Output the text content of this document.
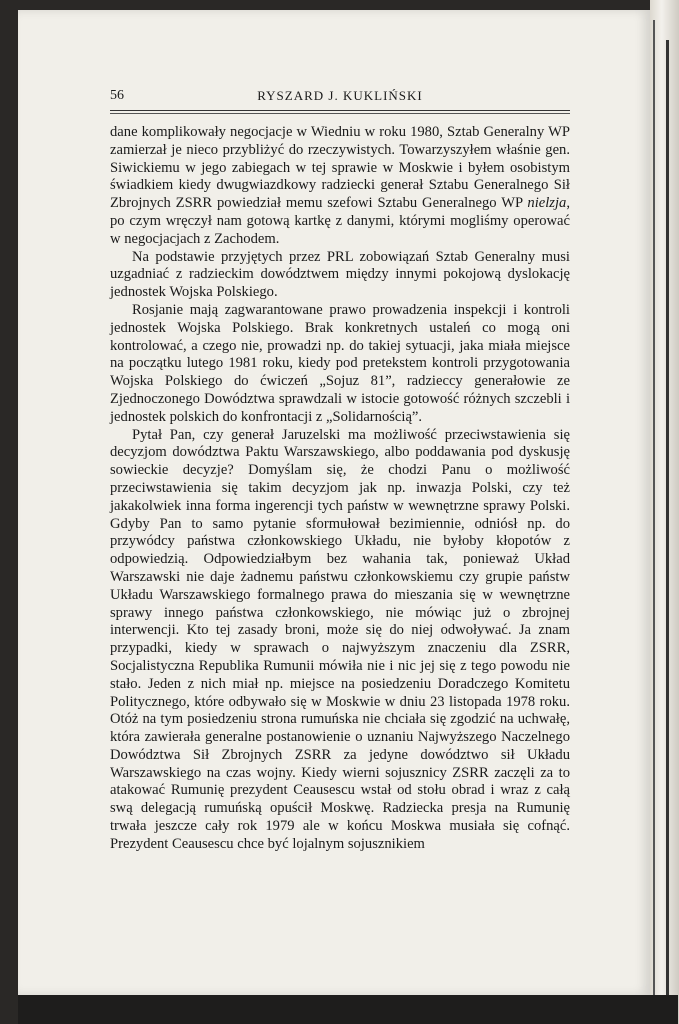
56	RYSZARD J. KUKLIŃSKI

dane komplikowały negocjacje w Wiedniu w roku 1980, Sztab Generalny WP zamierzał je nieco przybliżyć do rzeczywistych. Towarzyszyłem właśnie gen. Siwickiemu w jego zabiegach w tej sprawie w Moskwie i byłem osobistym świadkiem kiedy dwugwiazdkowy radziecki generał Sztabu Generalnego Sił Zbrojnych ZSRR powiedział memu szefowi Sztabu Generalnego WP nielzja, po czym wręczył nam gotową kartkę z danymi, którymi mogliśmy operować w negocjacjach z Zachodem.

Na podstawie przyjętych przez PRL zobowiązań Sztab Generalny musi uzgadniać z radzieckim dowództwem między innymi pokojową dyslokację jednostek Wojska Polskiego.

Rosjanie mają zagwarantowane prawo prowadzenia inspekcji i kontroli jednostek Wojska Polskiego. Brak konkretnych ustaleń co mogą oni kontrolować, a czego nie, prowadzi np. do takiej sytuacji, jaka miała miejsce na początku lutego 1981 roku, kiedy pod pretekstem kontroli przygotowania Wojska Polskiego do ćwiczeń „Sojuz 81”, radzieccy generałowie ze Zjednoczonego Dowództwa sprawdzali w istocie gotowość różnych szczebli i jednostek polskich do konfrontacji z „Solidarnością”.

Pytał Pan, czy generał Jaruzelski ma możliwość przeciwstawienia się decyzjom dowództwa Paktu Warszawskiego, albo poddawania pod dyskusję sowieckie decyzje? Domyślam się, że chodzi Panu o możliwość przeciwstawienia się takim decyzjom jak np. inwazja Polski, czy też jakakolwiek inna forma ingerencji tych państw w wewnętrzne sprawy Polski. Gdyby Pan to samo pytanie sformułował bezimiennie, odniósł np. do przywódcy państwa członkowskiego Układu, nie byłoby kłopotów z odpowiedzią. Odpowiedziałbym bez wahania tak, ponieważ Układ Warszawski nie daje żadnemu państwu członkowskiemu czy grupie państw Układu Warszawskiego formalnego prawa do mieszania się w wewnętrzne sprawy innego państwa członkowskiego, nie mówiąc już o zbrojnej interwencji. Kto tej zasady broni, może się do niej odwoływać. Ja znam przypadki, kiedy w sprawach o najwyższym znaczeniu dla ZSRR, Socjalistyczna Republika Rumunii mówiła nie i nic jej się z tego powodu nie stało. Jeden z nich miał np. miejsce na posiedzeniu Doradczego Komitetu Politycznego, które odbywało się w Moskwie w dniu 23 listopada 1978 roku. Otóż na tym posiedzeniu strona rumuńska nie chciała się zgodzić na uchwałę, która zawierała generalne postanowienie o uznaniu Najwyższego Naczelnego Dowództwa Sił Zbrojnych ZSRR za jedyne dowództwo sił Układu Warszawskiego na czas wojny. Kiedy wierni sojusznicy ZSRR zaczęli za to atakować Rumunię prezydent Ceausescu wstał od stołu obrad i wraz z całą swą delegacją rumuńską opuścił Moskwę. Radziecka presja na Rumunię trwała jeszcze cały rok 1979 ale w końcu Moskwa musiała się cofnąć. Prezydent Ceausescu chce być lojalnym sojusznikiem
